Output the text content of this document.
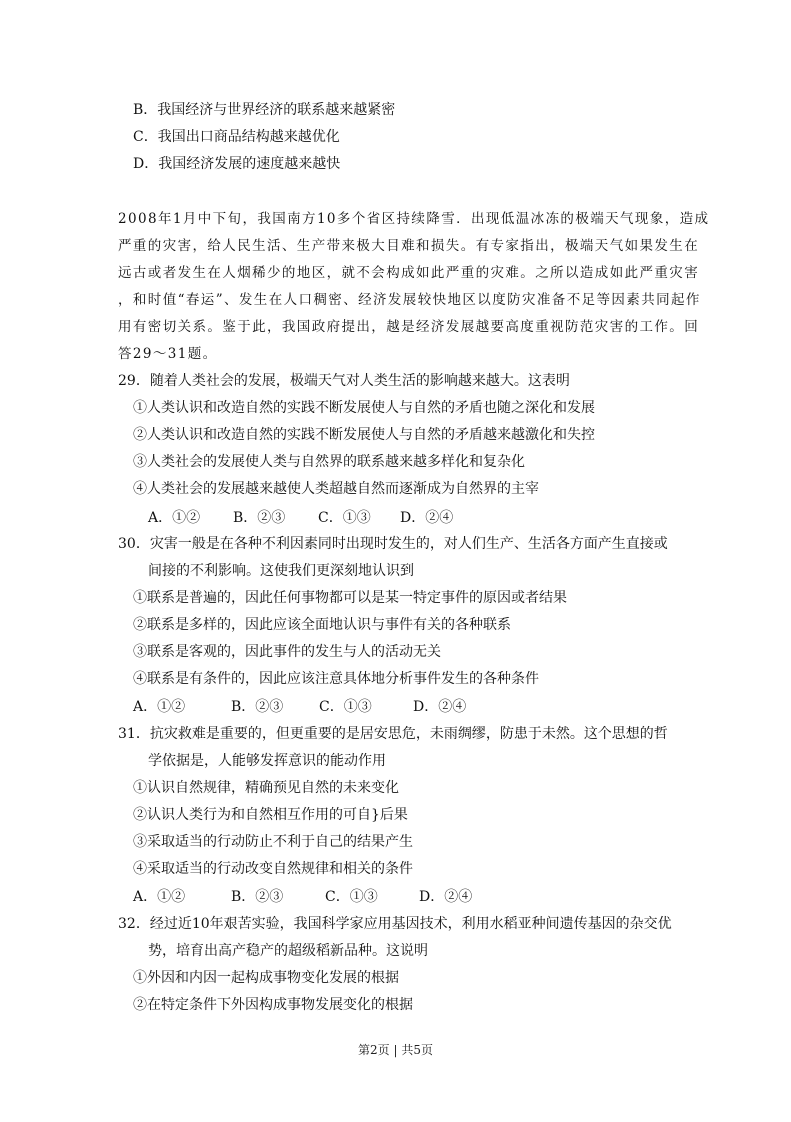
B．我国经济与世界经济的联系越来越紧密
C．我国出口商品结构越来越优化
D．我国经济发展的速度越来越快
2008年1月中下旬，我国南方10多个省区持续降雪．出现低温冰冻的极端天气现象，造成
严重的灾害，给人民生活、生产带来极大目难和损失。有专家指出，极端天气如果发生在
远古或者发生在人烟稀少的地区，就不会构成如此严重的灾难。之所以造成如此严重灾害
，和时值“春运”、发生在人口稠密、经济发展较快地区以度防灾准备不足等因素共同起作
用有密切关系。鉴于此，我国政府提出，越是经济发展越要高度重视防范灾害的工作。回
答29～31题。
29．随着人类社会的发展，极端天气对人类生活的影响越来越大。这表明
①人类认识和改造自然的实践不断发展使人与自然的矛盾也随之深化和发展
②人类认识和改造自然的实践不断发展使人与自然的矛盾越来越激化和失控
③人类社会的发展使人类与自然界的联系越来越多样化和复杂化
④人类社会的发展越来越使人类超越自然而逐渐成为自然界的主宰
A．①② B．②③ C．①③ D．②④
30．灾害一般是在各种不利因素同时出现时发生的，对人们生产、生活各方面产生直接或
间接的不利影响。这使我们更深刻地认识到
①联系是普遍的，因此任何事物都可以是某一特定事件的原因或者结果
②联系是多样的，因此应该全面地认识与事件有关的各种联系
③联系是客观的，因此事件的发生与人的活动无关
④联系是有条件的，因此应该注意具体地分析事件发生的各种条件
A．①②	B．②③	C．①③	D．②④
31．抗灾救难是重要的，但更重要的是居安思危，未雨绸缪，防患于未然。这个思想的哲
学依据是，人能够发挥意识的能动作用
①认识自然规律，精确预见自然的未来变化
②认识人类行为和自然相互作用的可自}后果
③采取适当的行动防止不利于自己的结果产生
④采取适当的行动改变自然规律和相关的条件
A．①②	B．②③	C．①③	D．②④
32．经过近10年艰苦实验，我国科学家应用基因技术，利用水稻亚种间遗传基因的杂交优
势，培育出高产稳产的超级稻新品种。这说明
①外因和内因一起构成事物变化发展的根据
②在特定条件下外因构成事物发展变化的根据
第2页 | 共5页
